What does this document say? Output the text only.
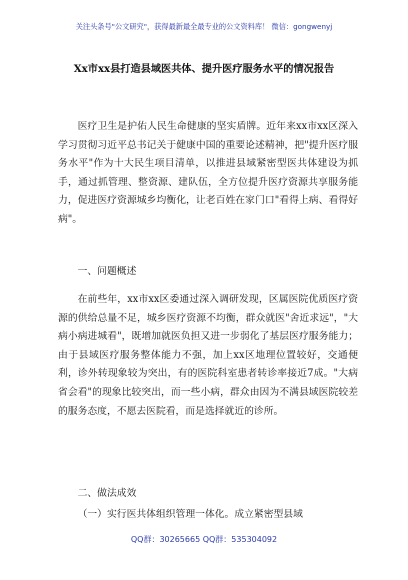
关注头条号"公文研究"，获得最新最全最专业的公文资料库！ 微信：gongwenyj
Xx市xx县打造县域医共体、提升医疗服务水平的情况报告

医疗卫生是护佑人民生命健康的坚实盾牌。近年来xx市xx区深入学习贯彻习近平总书记关于健康中国的重要论述精神，把"提升医疗服务水平"作为十大民生项目清单，以推进县域紧密型医共体建设为抓手，通过抓管理、整资源、建队伍，全方位提升医疗资源共享服务能力，促进医疗资源城乡均衡化，让老百姓在家门口"看得上病、看得好病"。

一、问题概述

在前些年，xx市xx区委通过深入调研发现，区属医院优质医疗资源的供给总量不足，城乡医疗资源不均衡，群众就医"舍近求远"，"大病小病进城看"，既增加就医负担又进一步弱化了基层医疗服务能力；由于县域医疗服务整体能力不强，加上xx区地理位置较好，交通便利，诊外转现象较为突出，有的医院科室患者转诊率接近7成。"大病省会看"的现象比较突出，而一些小病，群众由因为不满县域医院较差的服务态度，不愿去医院看，而是选择就近的诊所。

二、做法成效

（一）实行医共体组织管理一体化。成立紧密型县域

QQ群：30265665 QQ群：535304092
